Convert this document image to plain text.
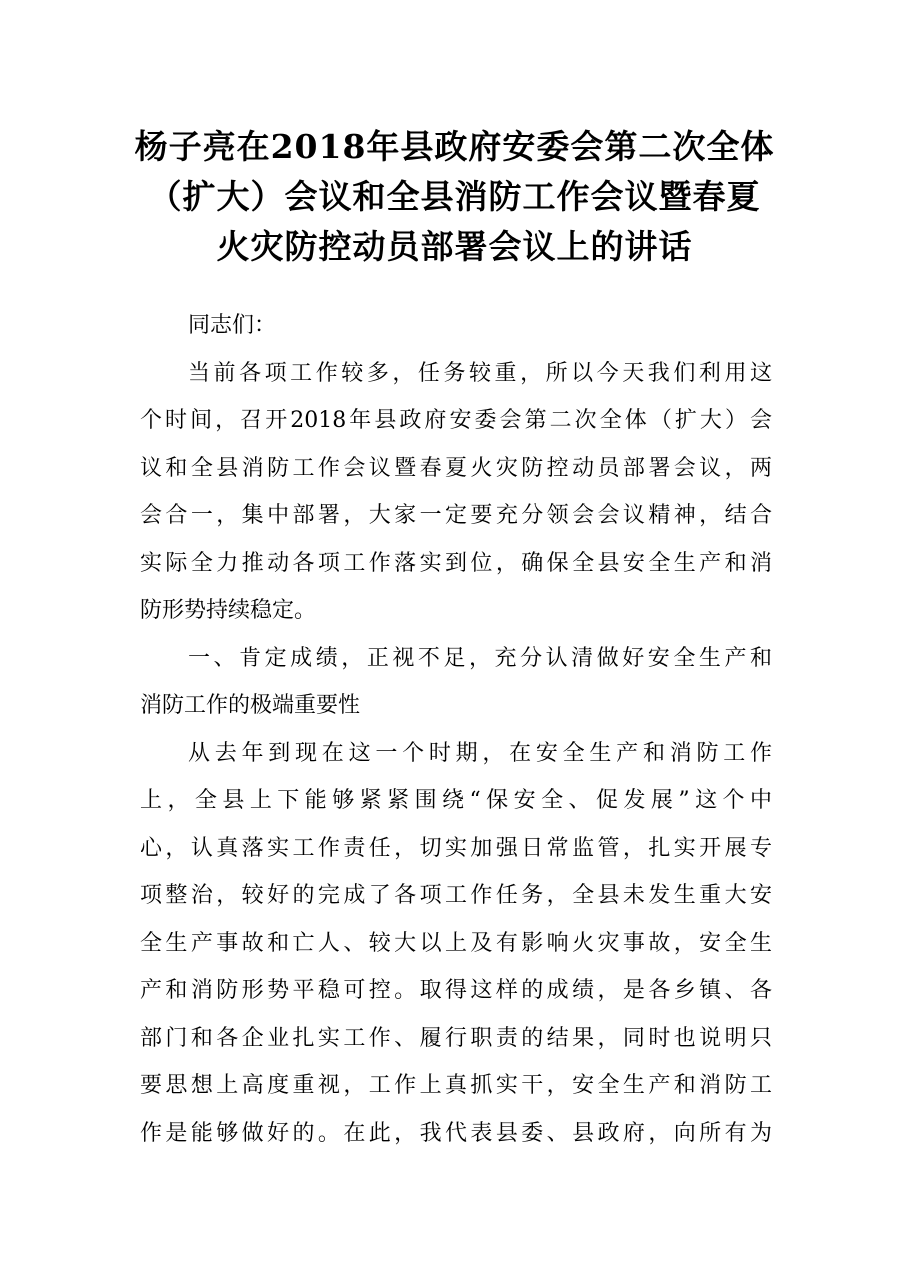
杨子亮在2018年县政府安委会第二次全体
（扩大）会议和全县消防工作会议暨春夏
火灾防控动员部署会议上的讲话
同志们：
当前各项工作较多，任务较重，所以今天我们利用这
个时间，召开2018年县政府安委会第二次全体（扩大）会
议和全县消防工作会议暨春夏火灾防控动员部署会议，两
会合一，集中部署，大家一定要充分领会会议精神，结合
实际全力推动各项工作落实到位，确保全县安全生产和消
防形势持续稳定。
一、肯定成绩，正视不足，充分认清做好安全生产和
消防工作的极端重要性
从去年到现在这一个时期，在安全生产和消防工作
上，全县上下能够紧紧围绕“保安全、促发展”这个中
心，认真落实工作责任，切实加强日常监管，扎实开展专
项整治，较好的完成了各项工作任务，全县未发生重大安
全生产事故和亡人、较大以上及有影响火灾事故，安全生
产和消防形势平稳可控。取得这样的成绩，是各乡镇、各
部门和各企业扎实工作、履行职责的结果，同时也说明只
要思想上高度重视，工作上真抓实干，安全生产和消防工
作是能够做好的。在此，我代表县委、县政府，向所有为
